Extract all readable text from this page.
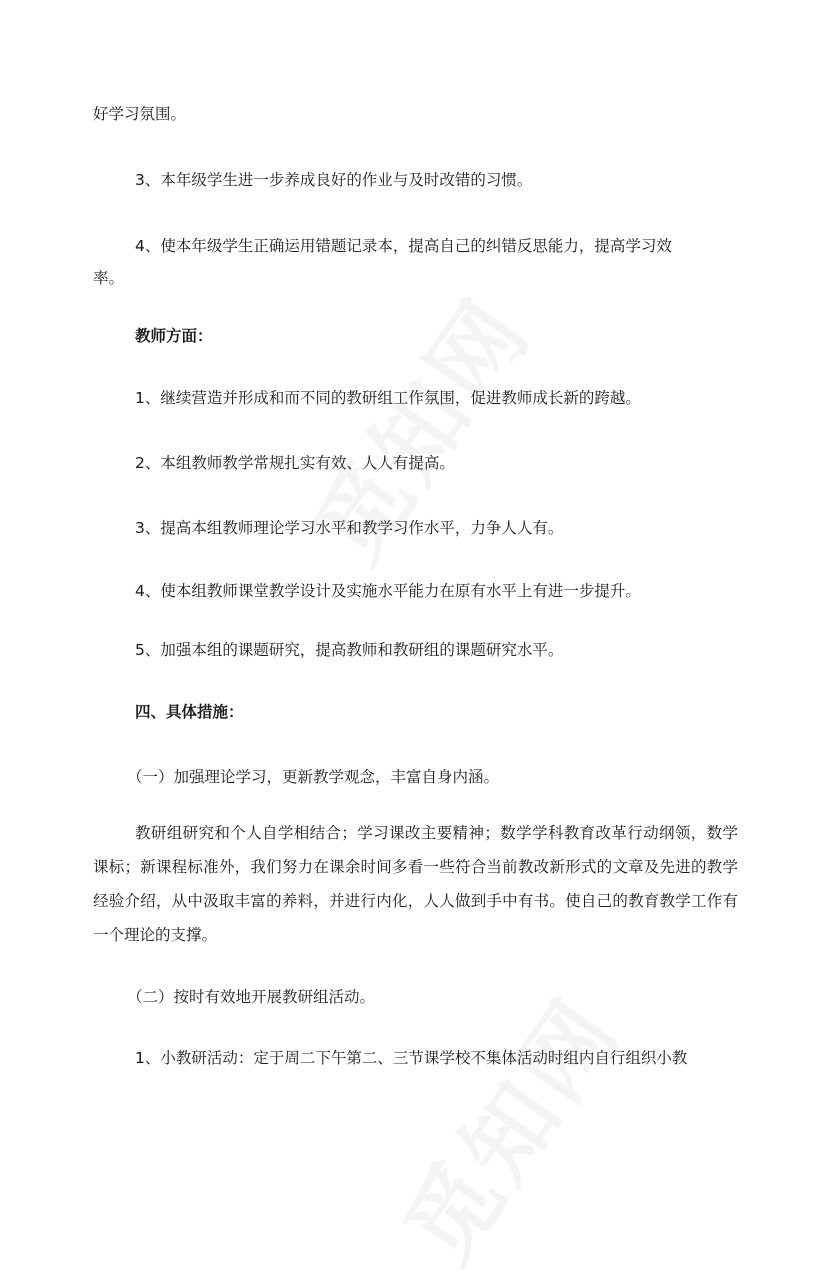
好学习氛围。
3、本年级学生进一步养成良好的作业与及时改错的习惯。
4、使本年级学生正确运用错题记录本，提高自己的纠错反思能力，提高学习效
率。
教师方面：
1、继续营造并形成和而不同的教研组工作氛围，促进教师成长新的跨越。
2、本组教师教学常规扎实有效、人人有提高。
3、提高本组教师理论学习水平和教学习作水平，力争人人有。
4、使本组教师课堂教学设计及实施水平能力在原有水平上有进一步提升。
5、加强本组的课题研究，提高教师和教研组的课题研究水平。
四、具体措施：
（一）加强理论学习，更新教学观念，丰富自身内涵。
教研组研究和个人自学相结合；学习课改主要精神；数学学科教育改革行动纲领，数学课标；新课程标准外，我们努力在课余时间多看一些符合当前教改新形式的文章及先进的教学经验介绍，从中汲取丰富的养料，并进行内化，人人做到手中有书。使自己的教育教学工作有一个理论的支撑。
（二）按时有效地开展教研组活动。
1、小教研活动：定于周二下午第二、三节课学校不集体活动时组内自行组织小教
